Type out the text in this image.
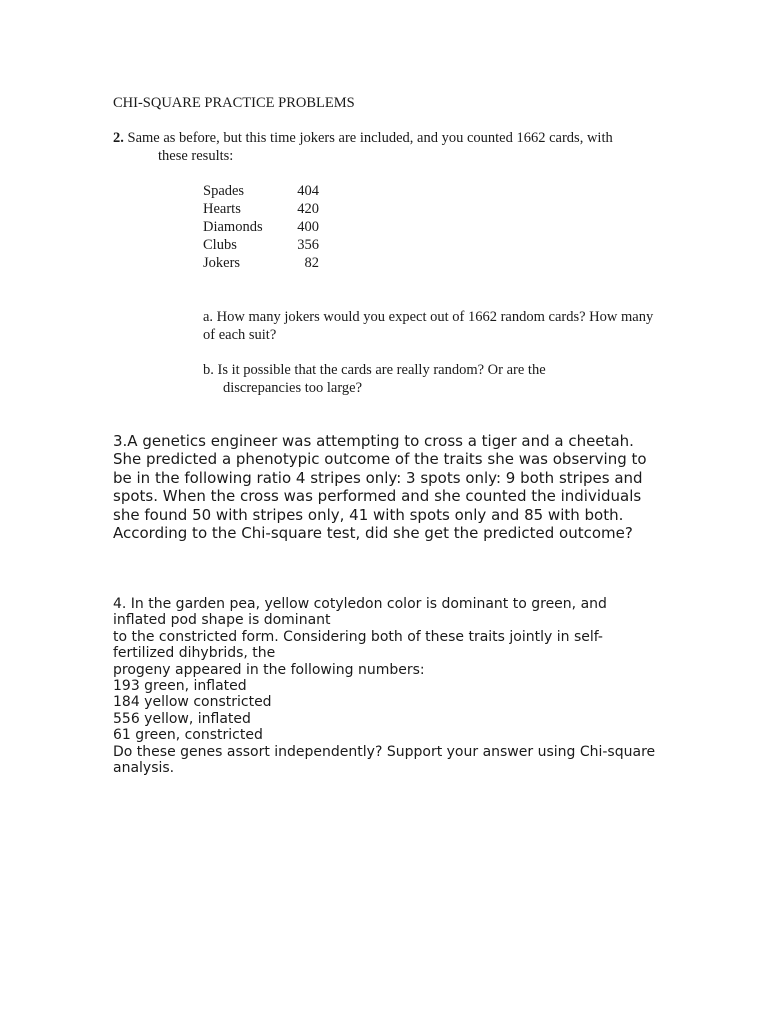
CHI-SQUARE PRACTICE PROBLEMS
2. Same as before, but this time jokers are included, and you counted 1662 cards, with
these results:
Spades	404
Hearts	420
Diamonds	400
Clubs	356
Jokers	82
a. How many jokers would you expect out of 1662 random cards? How many of each suit?
b. Is it possible that the cards are really random? Or are the
discrepancies too large?
3.A genetics engineer was attempting to cross a tiger and a cheetah.
She predicted a phenotypic outcome of the traits she was observing to
be in the following ratio 4 stripes only: 3 spots only: 9 both stripes and
spots. When the cross was performed and she counted the individuals
she found 50 with stripes only, 41 with spots only and 85 with both.
According to the Chi-square test, did she get the predicted outcome?
4. In the garden pea, yellow cotyledon color is dominant to green, and
inflated pod shape is dominant
to the constricted form. Considering both of these traits jointly in self-
fertilized dihybrids, the
progeny appeared in the following numbers:
193 green, inflated
184 yellow constricted
556 yellow, inflated
61 green, constricted
Do these genes assort independently? Support your answer using Chi-square
analysis.
